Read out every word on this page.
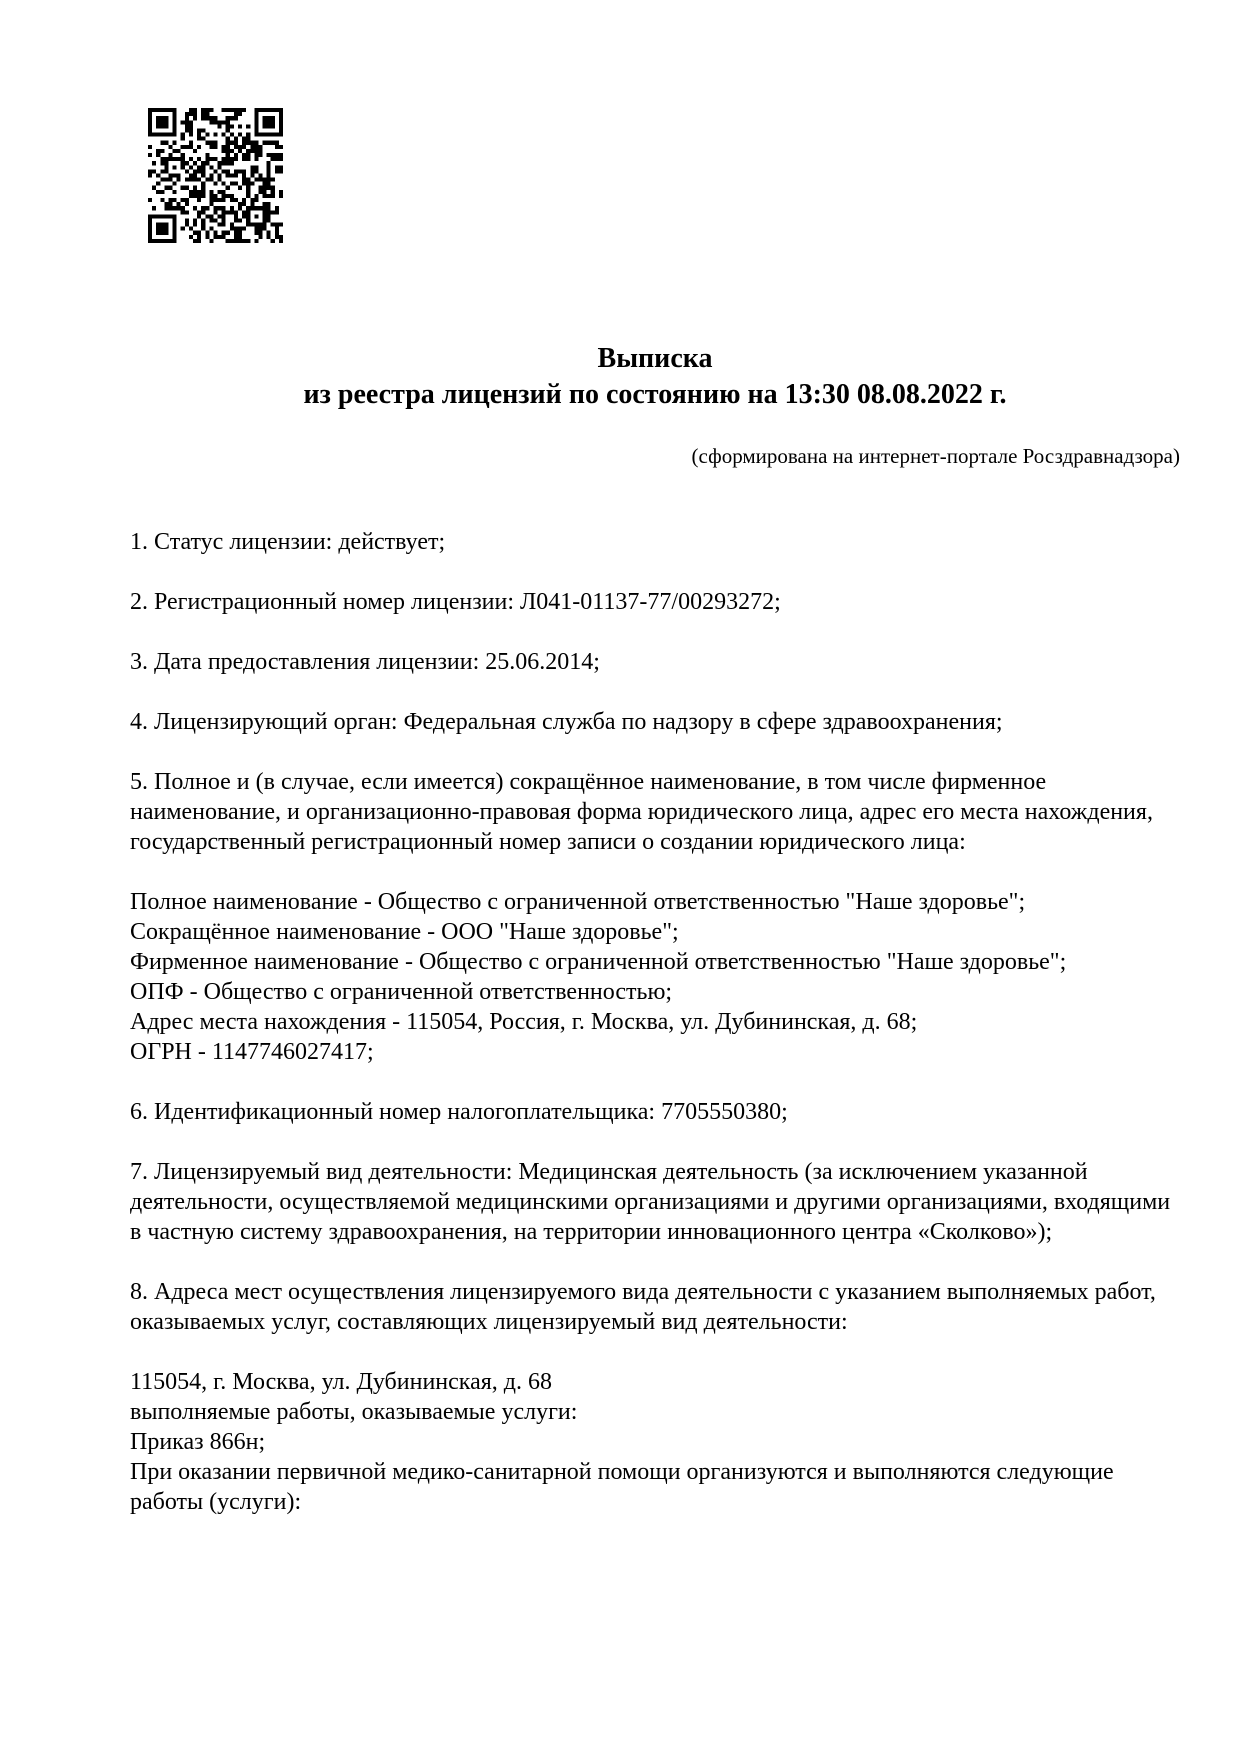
Выписка
из реестра лицензий по состоянию на 13:30 08.08.2022 г.
(сформирована на интернет-портале Росздравнадзора)
1. Статус лицензии: действует;
2. Регистрационный номер лицензии: Л041-01137-77/00293272;
3. Дата предоставления лицензии: 25.06.2014;
4. Лицензирующий орган: Федеральная служба по надзору в сфере здравоохранения;
5. Полное и (в случае, если имеется) сокращённое наименование, в том числе фирменное наименование, и организационно-правовая форма юридического лица, адрес его места нахождения, государственный регистрационный номер записи о создании юридического лица:
Полное наименование - Общество с ограниченной ответственностью "Наше здоровье";
Сокращённое наименование - ООО "Наше здоровье";
Фирменное наименование - Общество с ограниченной ответственностью "Наше здоровье";
ОПФ - Общество с ограниченной ответственностью;
Адрес места нахождения - 115054, Россия, г. Москва, ул. Дубининская, д. 68;
ОГРН - 1147746027417;
6. Идентификационный номер налогоплательщика: 7705550380;
7. Лицензируемый вид деятельности: Медицинская деятельность (за исключением указанной деятельности, осуществляемой медицинскими организациями и другими организациями, входящими в частную систему здравоохранения, на территории инновационного центра «Сколково»);
8. Адреса мест осуществления лицензируемого вида деятельности с указанием выполняемых работ, оказываемых услуг, составляющих лицензируемый вид деятельности:
115054, г. Москва, ул. Дубининская, д. 68
выполняемые работы, оказываемые услуги:
Приказ 866н;
При оказании первичной медико-санитарной помощи организуются и выполняются следующие работы (услуги):
